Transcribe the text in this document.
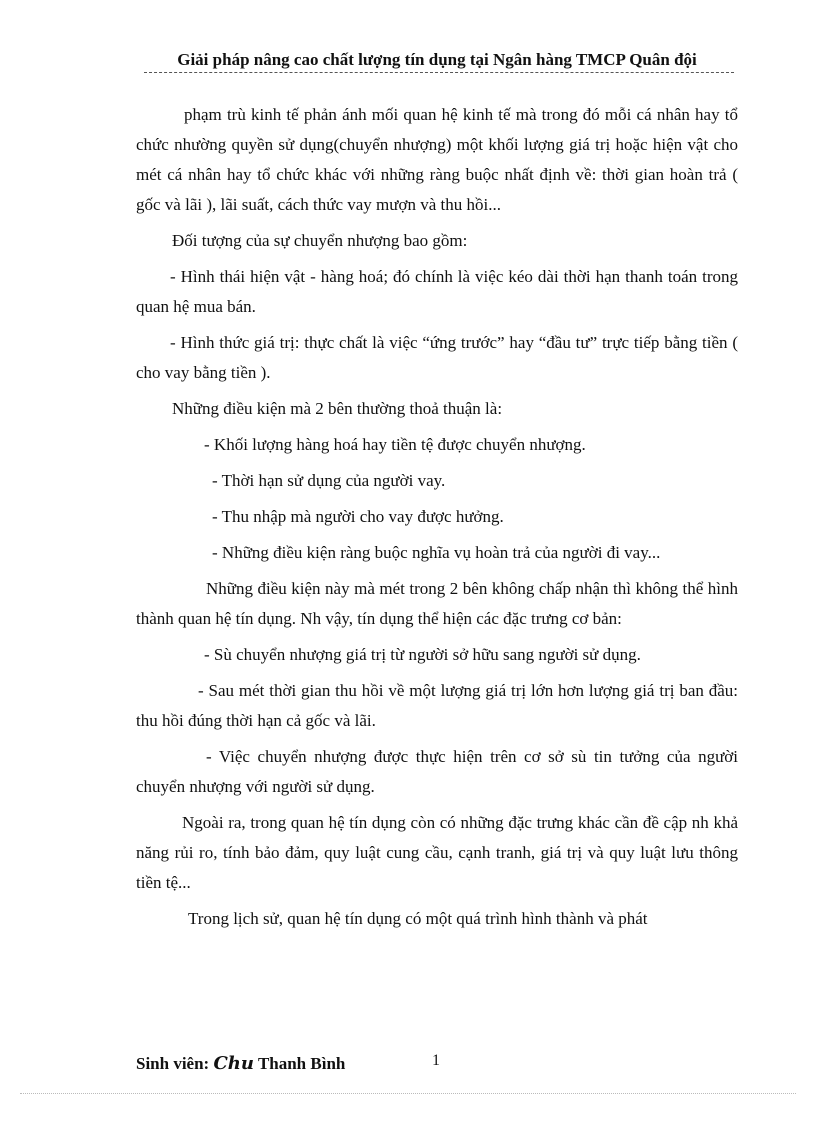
Giải pháp nâng cao chất lượng tín dụng tại Ngân hàng TMCP Quân đội

phạm trù kinh tế phản ánh mối quan hệ kinh tế mà trong đó mỗi cá nhân hay tổ chức nhường quyền sử dụng(chuyển nhượng) một khối lượng giá trị hoặc hiện vật cho mét cá nhân hay tổ chức khác với những ràng buộc nhất định về: thời gian hoàn trả ( gốc và lãi ), lãi suất, cách thức vay mượn và thu hồi...

Đối tượng của sự chuyển nhượng bao gồm:

- Hình thái hiện vật - hàng hoá; đó chính là việc kéo dài thời hạn thanh toán trong quan hệ mua bán.

- Hình thức giá trị: thực chất là việc “ứng trước” hay “đầu tư” trực tiếp bằng tiền ( cho vay bằng tiền ).

Những điều kiện mà 2 bên thường thoả thuận là:

- Khối lượng hàng hoá hay tiền tệ được chuyển nhượng.

- Thời hạn sử dụng của người vay.

- Thu nhập mà người cho vay được hưởng.

- Những điều kiện ràng buộc nghĩa vụ hoàn trả của người đi vay...

Những điều kiện này mà mét trong 2 bên không chấp nhận thì không thể hình thành quan hệ tín dụng. Nh vậy, tín dụng thể hiện các đặc trưng cơ bản:

- Sù chuyển nhượng giá trị từ người sở hữu sang người sử dụng.

- Sau mét thời gian thu hồi về một lượng giá trị lớn hơn lượng giá trị ban đầu: thu hồi đúng thời hạn cả gốc và lãi.

- Việc chuyển nhượng được thực hiện trên cơ sở sù tin tưởng của người chuyển nhượng với người sử dụng.

Ngoài ra, trong quan hệ tín dụng còn có những đặc trưng khác cần đề cập nh khả năng rủi ro, tính bảo đảm, quy luật cung cầu, cạnh tranh, giá trị và quy luật lưu thông tiền tệ...

Trong lịch sử, quan hệ tín dụng có một quá trình hình thành và phát

Sinh viên: Chu Thanh Bình	1
